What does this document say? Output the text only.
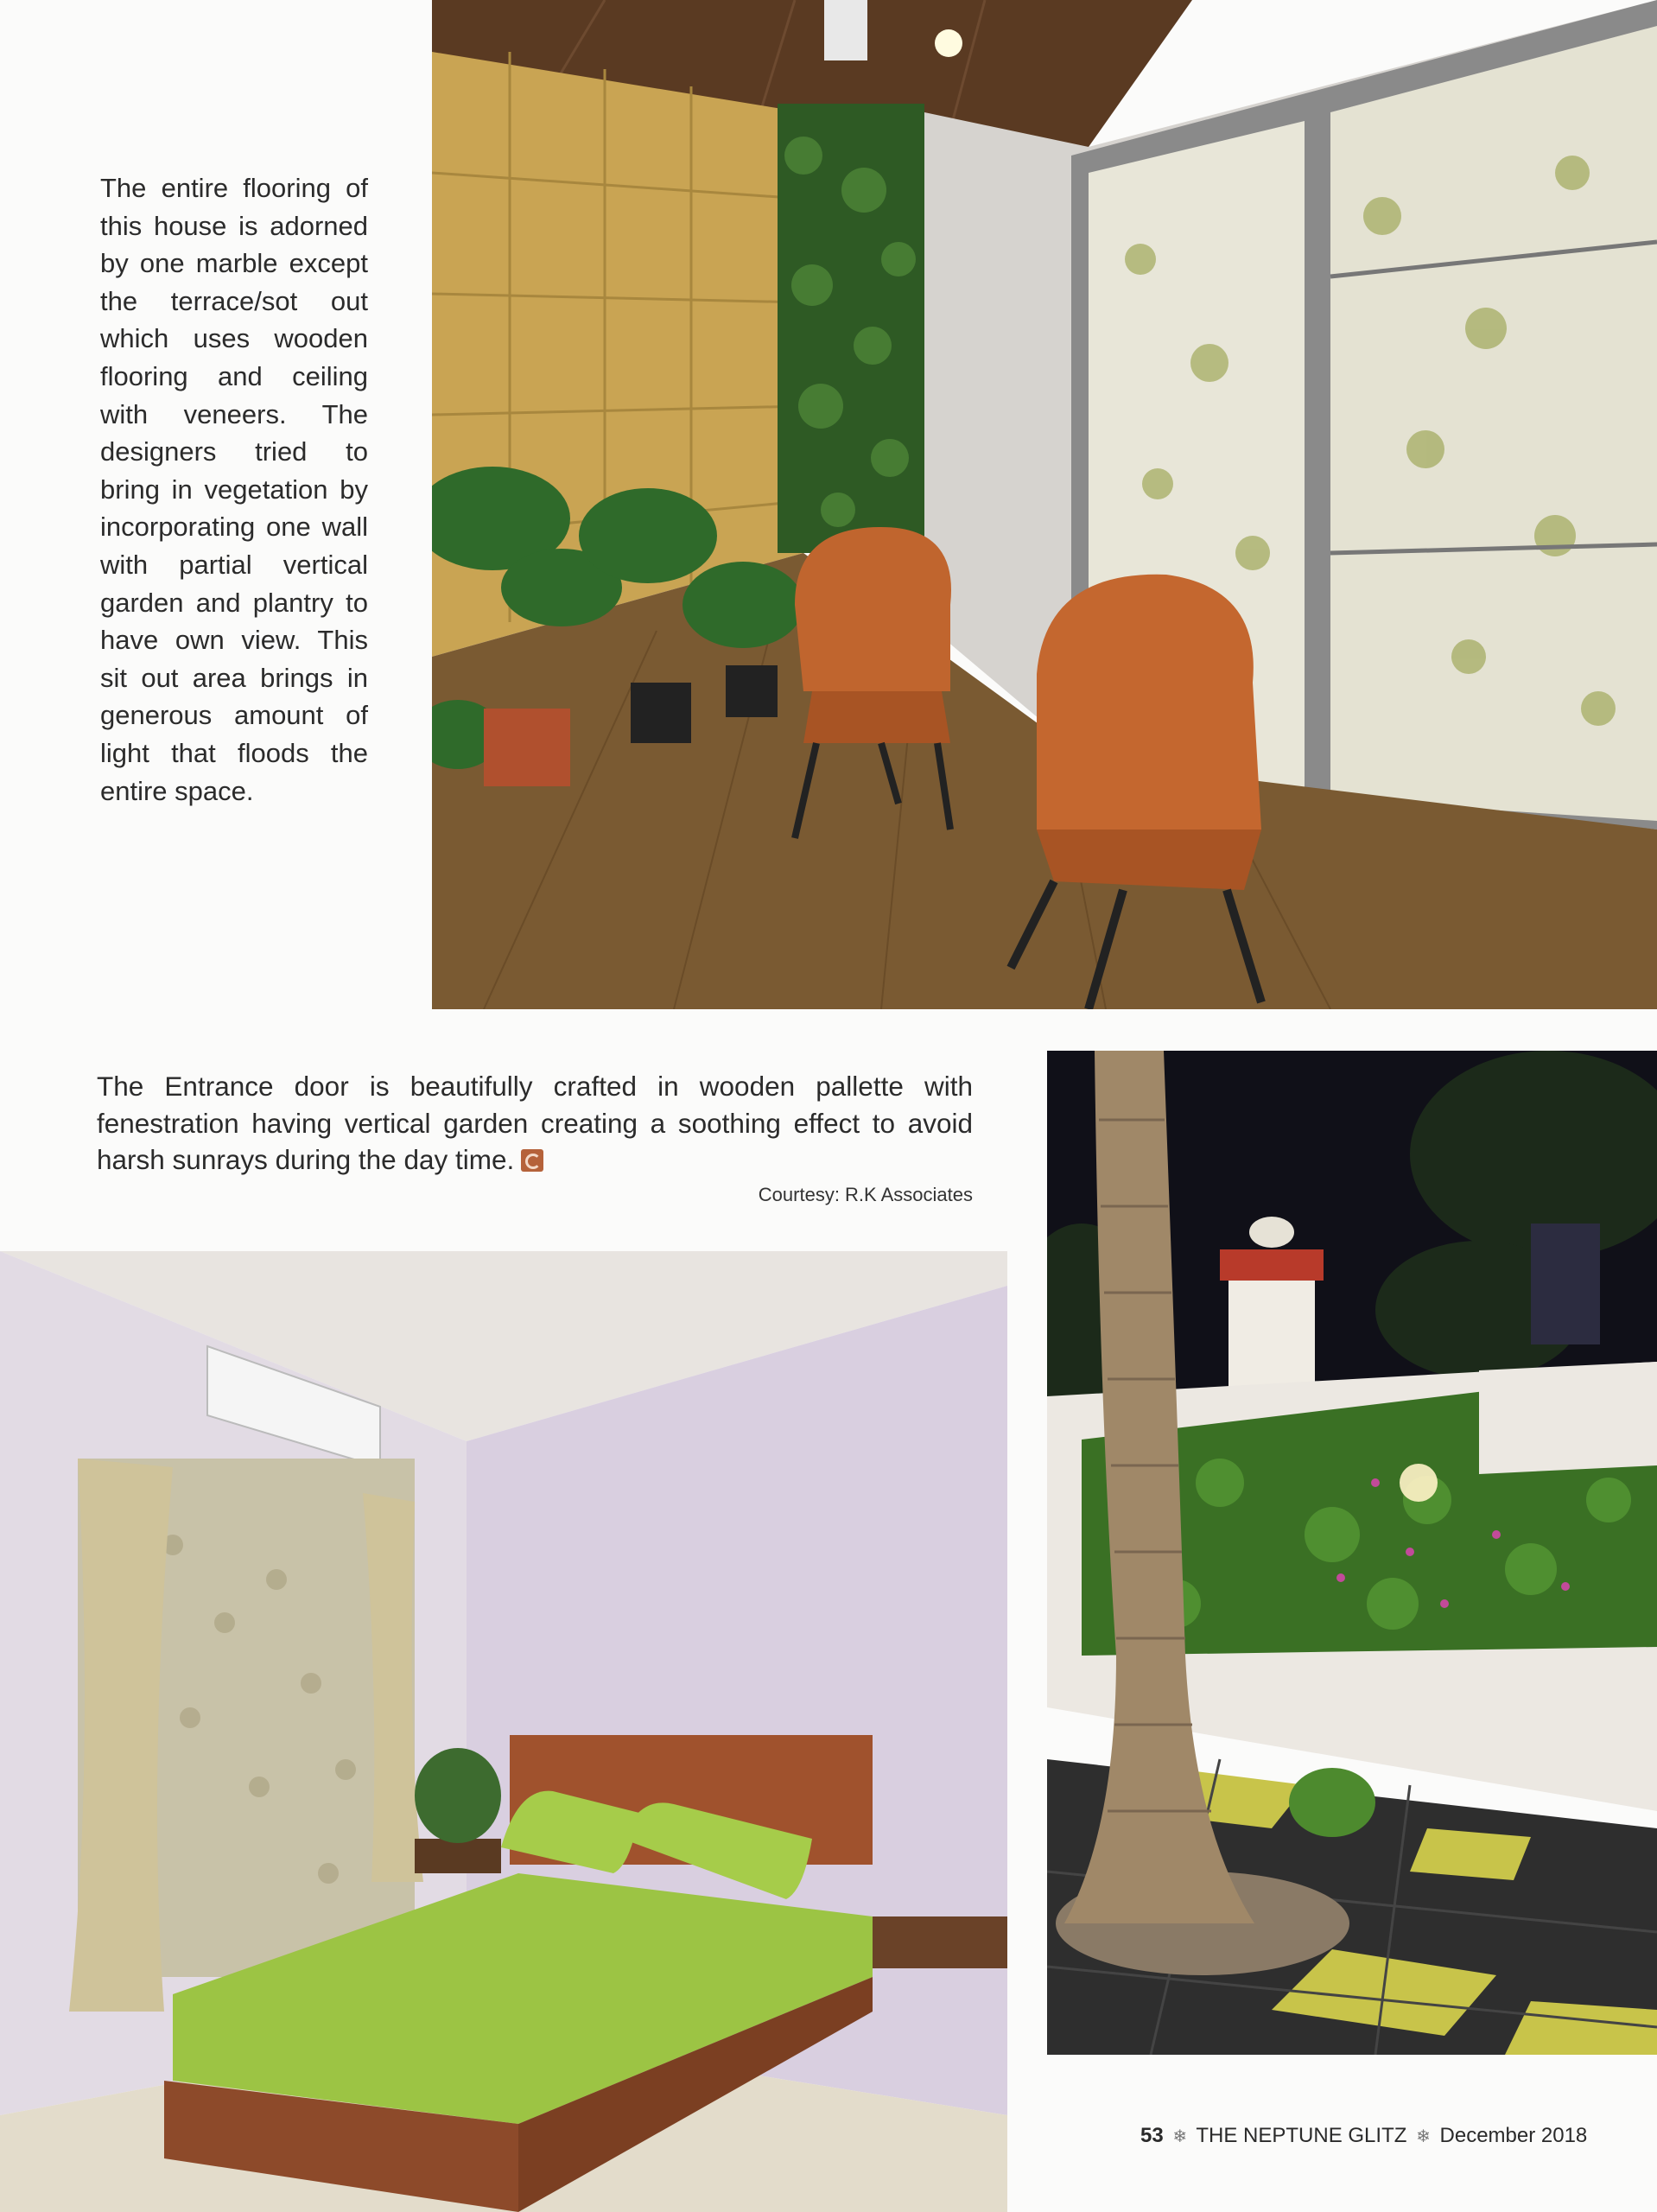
The entire flooring of this house is adorned by one marble except the terrace/sot out which uses wooden flooring and ceiling with veneers. The designers tried to bring in vegetation by incorporating one wall with partial vertical garden and plantry to have own view. This sit out area brings in generous amount of light that floods the entire space.

The Entrance door is beautifully crafted in wooden pallette with fenestration having vertical garden creating a soothing effect to avoid harsh sunrays during the day time.

Courtesy: R.K Associates
53 ❄ THE NEPTUNE GLITZ ❄ December 2018
